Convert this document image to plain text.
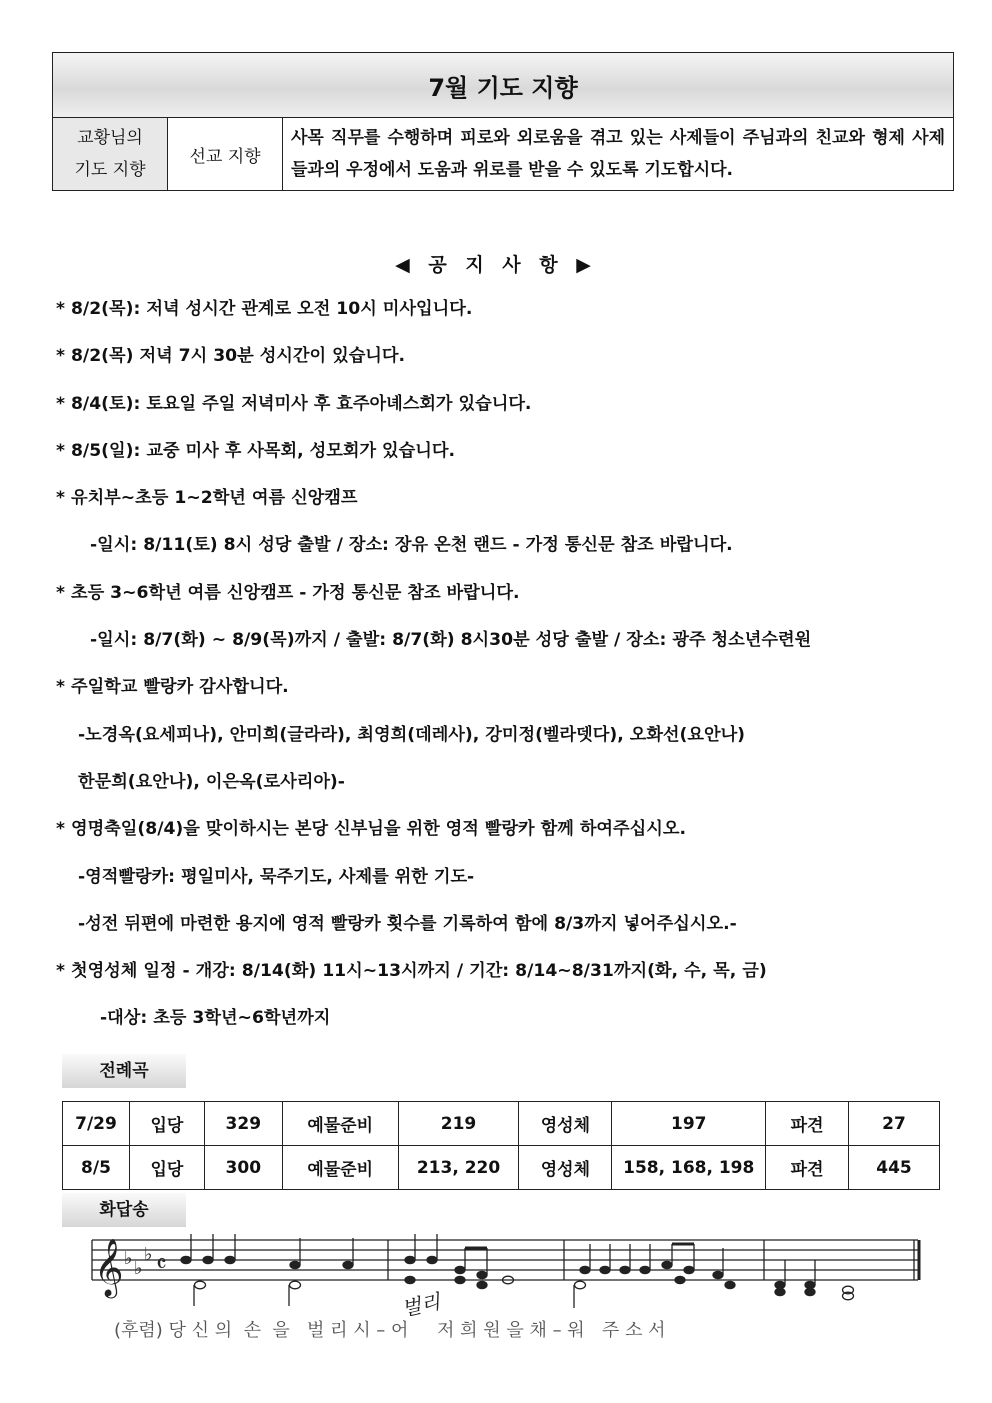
7월 기도 지향
교황님의
기도 지향	선교 지향	사목 직무를 수행하며 피로와 외로움을 겪고 있는 사제들이 주님과의 친교와 형제 사제들과의 우정에서 도움과 위로를 받을 수 있도록 기도합시다.
◀ 공 지 사 항 ▶
* 8/2(목): 저녁 성시간 관계로 오전 10시 미사입니다.
* 8/2(목) 저녁 7시 30분 성시간이 있습니다.
* 8/4(토): 토요일 주일 저녁미사 후 효주아녜스회가 있습니다.
* 8/5(일): 교중 미사 후 사목회, 성모회가 있습니다.
* 유치부~초등 1~2학년 여름 신앙캠프
-일시: 8/11(토) 8시 성당 출발 / 장소: 장유 온천 랜드 - 가정 통신문 참조 바랍니다.
* 초등 3~6학년 여름 신앙캠프 - 가정 통신문 참조 바랍니다.
-일시: 8/7(화) ~ 8/9(목)까지 / 출발: 8/7(화) 8시30분 성당 출발 / 장소: 광주 청소년수련원
* 주일학교 빨랑카 감사합니다.
-노경옥(요세피나), 안미희(글라라), 최영희(데레사), 강미정(벨라뎃다), 오화선(요안나)
한문희(요안나), 이은옥(로사리아)-
* 영명축일(8/4)을 맞이하시는 본당 신부님을 위한 영적 빨랑카 함께 하여주십시오.
-영적빨랑카: 평일미사, 묵주기도, 사제를 위한 기도-
-성전 뒤편에 마련한 용지에 영적 빨랑카 횟수를 기록하여 함에 8/3까지 넣어주십시오.-
* 첫영성체 일정 - 개강: 8/14(화) 11시~13시까지 / 기간: 8/14~8/31까지(화, 수, 목, 금)
-대상: 초등 3학년~6학년까지
전례곡
7/29	입당	329	예물준비	219	영성체	197	파견	27
8/5	입당	300	예물준비	213, 220	영성체	158, 168, 198	파견	445
화답송
𝄞 ♭ ♭
♭ 𝄴
벌리
(후렴) 당 신 의  손  을   벌 리 시 – 어     저 희 원 을 채 – 워   주 소 서
